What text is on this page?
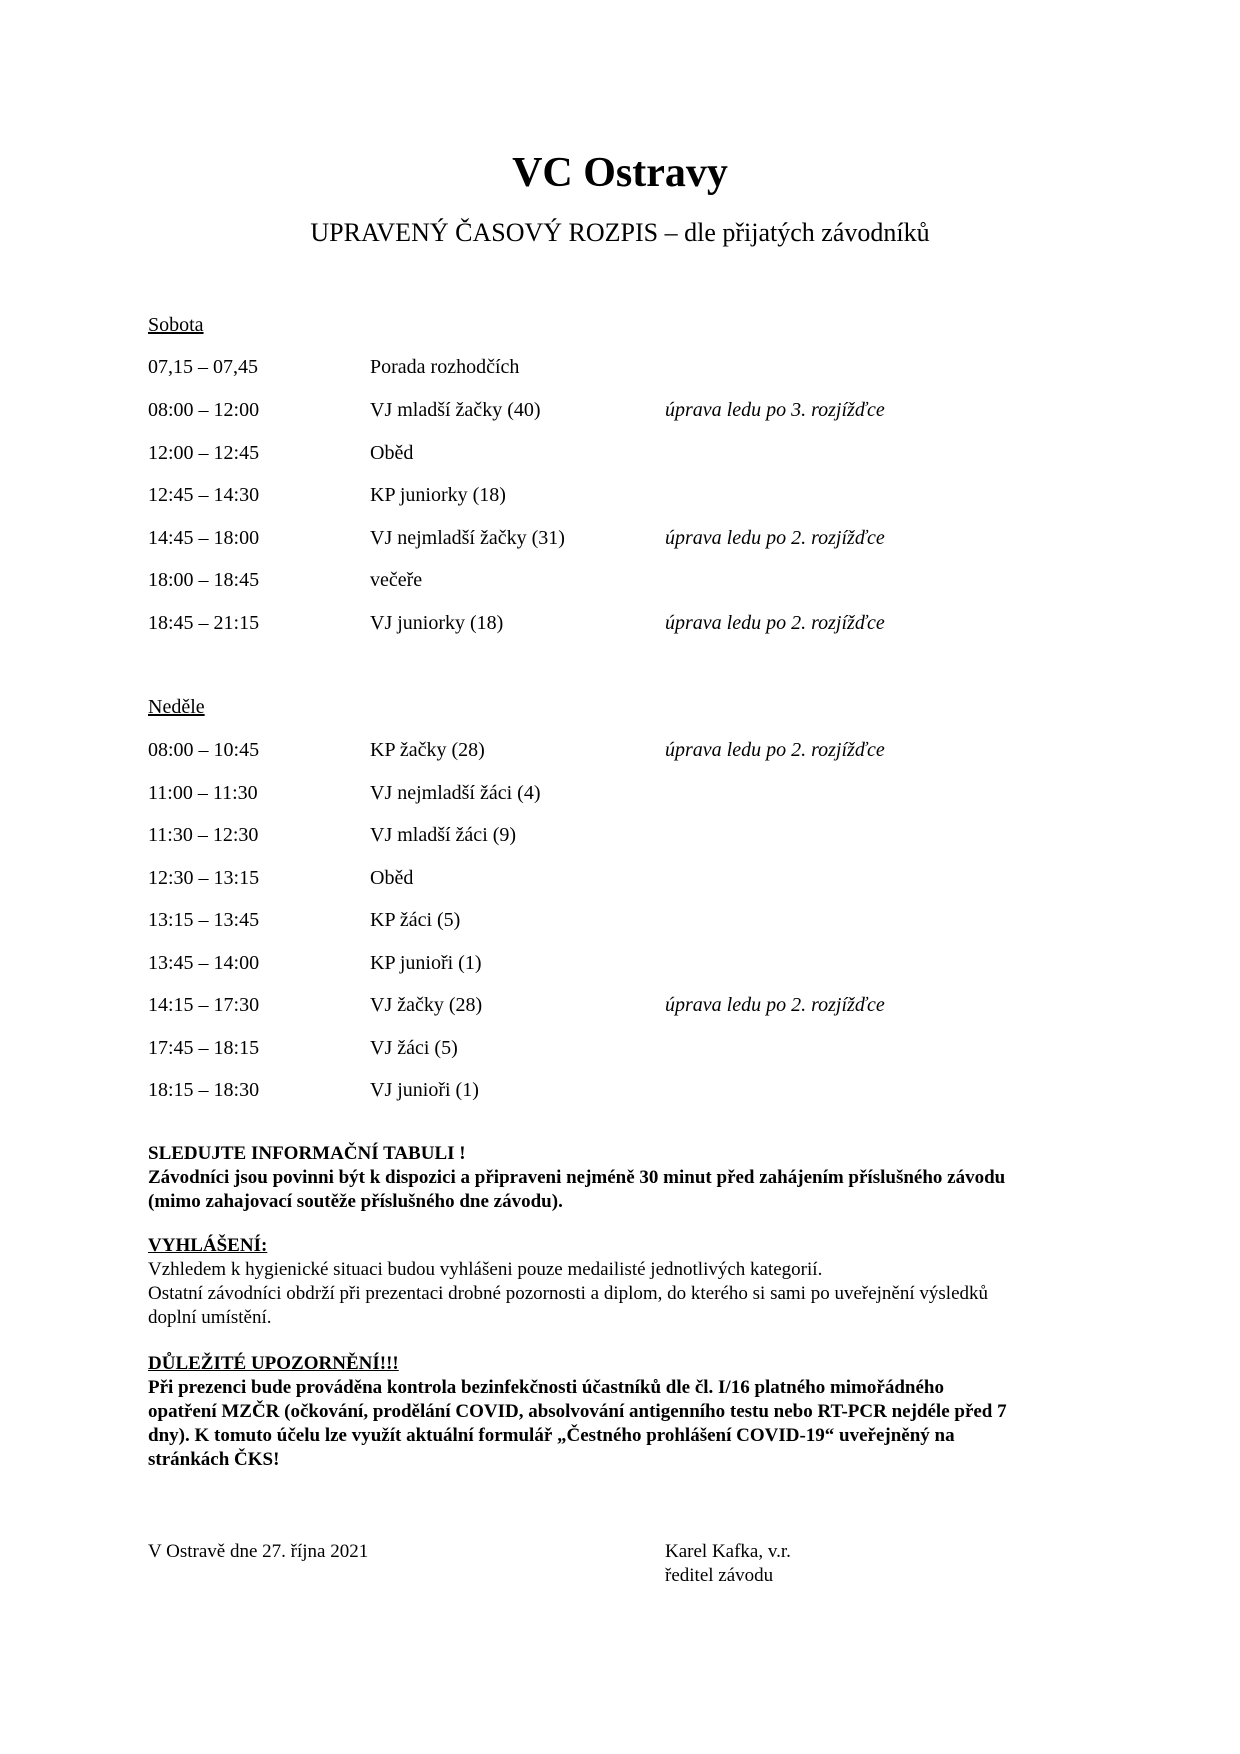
VC Ostravy
UPRAVENÝ ČASOVÝ ROZPIS – dle přijatých závodníků
Sobota
07,15 – 07,45	Porada rozhodčích
08:00 – 12:00	VJ mladší žačky (40)	úprava ledu po 3. rozjížďce
12:00 – 12:45	Oběd
12:45 – 14:30	KP juniorky (18)
14:45 – 18:00	VJ nejmladší žačky (31)	úprava ledu po 2. rozjížďce
18:00 – 18:45	večeře
18:45 – 21:15	VJ juniorky (18)	úprava ledu po 2. rozjížďce
Neděle
08:00 – 10:45	KP žačky (28)	úprava ledu po 2. rozjížďce
11:00 – 11:30	VJ nejmladší žáci (4)
11:30 – 12:30	VJ mladší žáci (9)
12:30 – 13:15	Oběd
13:15 – 13:45	KP žáci (5)
13:45 – 14:00	KP junioři (1)
14:15 – 17:30	VJ žačky (28)	úprava ledu po 2. rozjížďce
17:45 – 18:15	VJ žáci (5)
18:15 – 18:30	VJ junioři (1)
SLEDUJTE INFORMAČNÍ TABULI !
Závodníci jsou povinni být k dispozici a připraveni nejméně 30 minut před zahájením příslušného závodu
(mimo zahajovací soutěže příslušného dne závodu).
VYHLÁŠENÍ:
Vzhledem k hygienické situaci budou vyhlášeni pouze medailisté jednotlivých kategorií.
Ostatní závodníci obdrží při prezentaci drobné pozornosti a diplom, do kterého si sami po uveřejnění výsledků
doplní umístění.
DŮLEŽITÉ UPOZORNĚNÍ!!!
Při prezenci bude prováděna kontrola bezinfekčnosti účastníků dle čl. I/16 platného mimořádného
opatření MZČR (očkování, prodělání COVID, absolvování antigenního testu nebo RT-PCR nejdéle před 7
dny). K tomuto účelu lze využít aktuální formulář „Čestného prohlášení COVID-19“ uveřejněný na
stránkách ČKS!
V Ostravě dne 27. října 2021	Karel Kafka, v.r.
ředitel závodu
